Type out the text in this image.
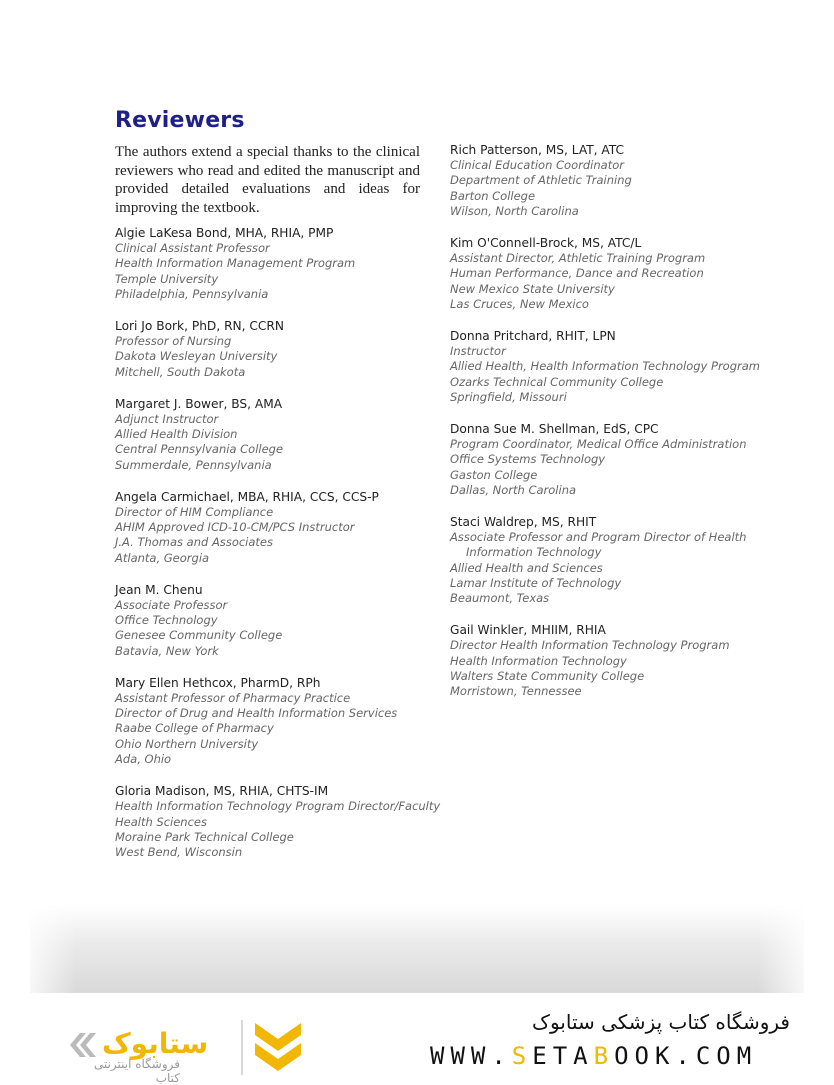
Reviewers
The authors extend a special thanks to the clinical reviewers who read and edited the manuscript and provided detailed evaluations and ideas for improving the textbook.
Algie LaKesa Bond, MHA, RHIA, PMP
Clinical Assistant Professor
Health Information Management Program
Temple University
Philadelphia, Pennsylvania
Lori Jo Bork, PhD, RN, CCRN
Professor of Nursing
Dakota Wesleyan University
Mitchell, South Dakota
Margaret J. Bower, BS, AMA
Adjunct Instructor
Allied Health Division
Central Pennsylvania College
Summerdale, Pennsylvania
Angela Carmichael, MBA, RHIA, CCS, CCS-P
Director of HIM Compliance
AHIM Approved ICD-10-CM/PCS Instructor
J.A. Thomas and Associates
Atlanta, Georgia
Jean M. Chenu
Associate Professor
Office Technology
Genesee Community College
Batavia, New York
Mary Ellen Hethcox, PharmD, RPh
Assistant Professor of Pharmacy Practice
Director of Drug and Health Information Services
Raabe College of Pharmacy
Ohio Northern University
Ada, Ohio
Gloria Madison, MS, RHIA, CHTS-IM
Health Information Technology Program Director/Faculty
Health Sciences
Moraine Park Technical College
West Bend, Wisconsin
Rich Patterson, MS, LAT, ATC
Clinical Education Coordinator
Department of Athletic Training
Barton College
Wilson, North Carolina
Kim O'Connell-Brock, MS, ATC/L
Assistant Director, Athletic Training Program
Human Performance, Dance and Recreation
New Mexico State University
Las Cruces, New Mexico
Donna Pritchard, RHIT, LPN
Instructor
Allied Health, Health Information Technology Program
Ozarks Technical Community College
Springfield, Missouri
Donna Sue M. Shellman, EdS, CPC
Program Coordinator, Medical Office Administration
Office Systems Technology
Gaston College
Dallas, North Carolina
Staci Waldrep, MS, RHIT
Associate Professor and Program Director of Health
Information Technology
Allied Health and Sciences
Lamar Institute of Technology
Beaumont, Texas
Gail Winkler, MHIIM, RHIA
Director Health Information Technology Program
Health Information Technology
Walters State Community College
Morristown, Tennessee
ستابوک
فروشگاه اینترنتی کتاب
فروشگاه کتاب پزشکی ستابوک
WWW.SETABOOK.COM
